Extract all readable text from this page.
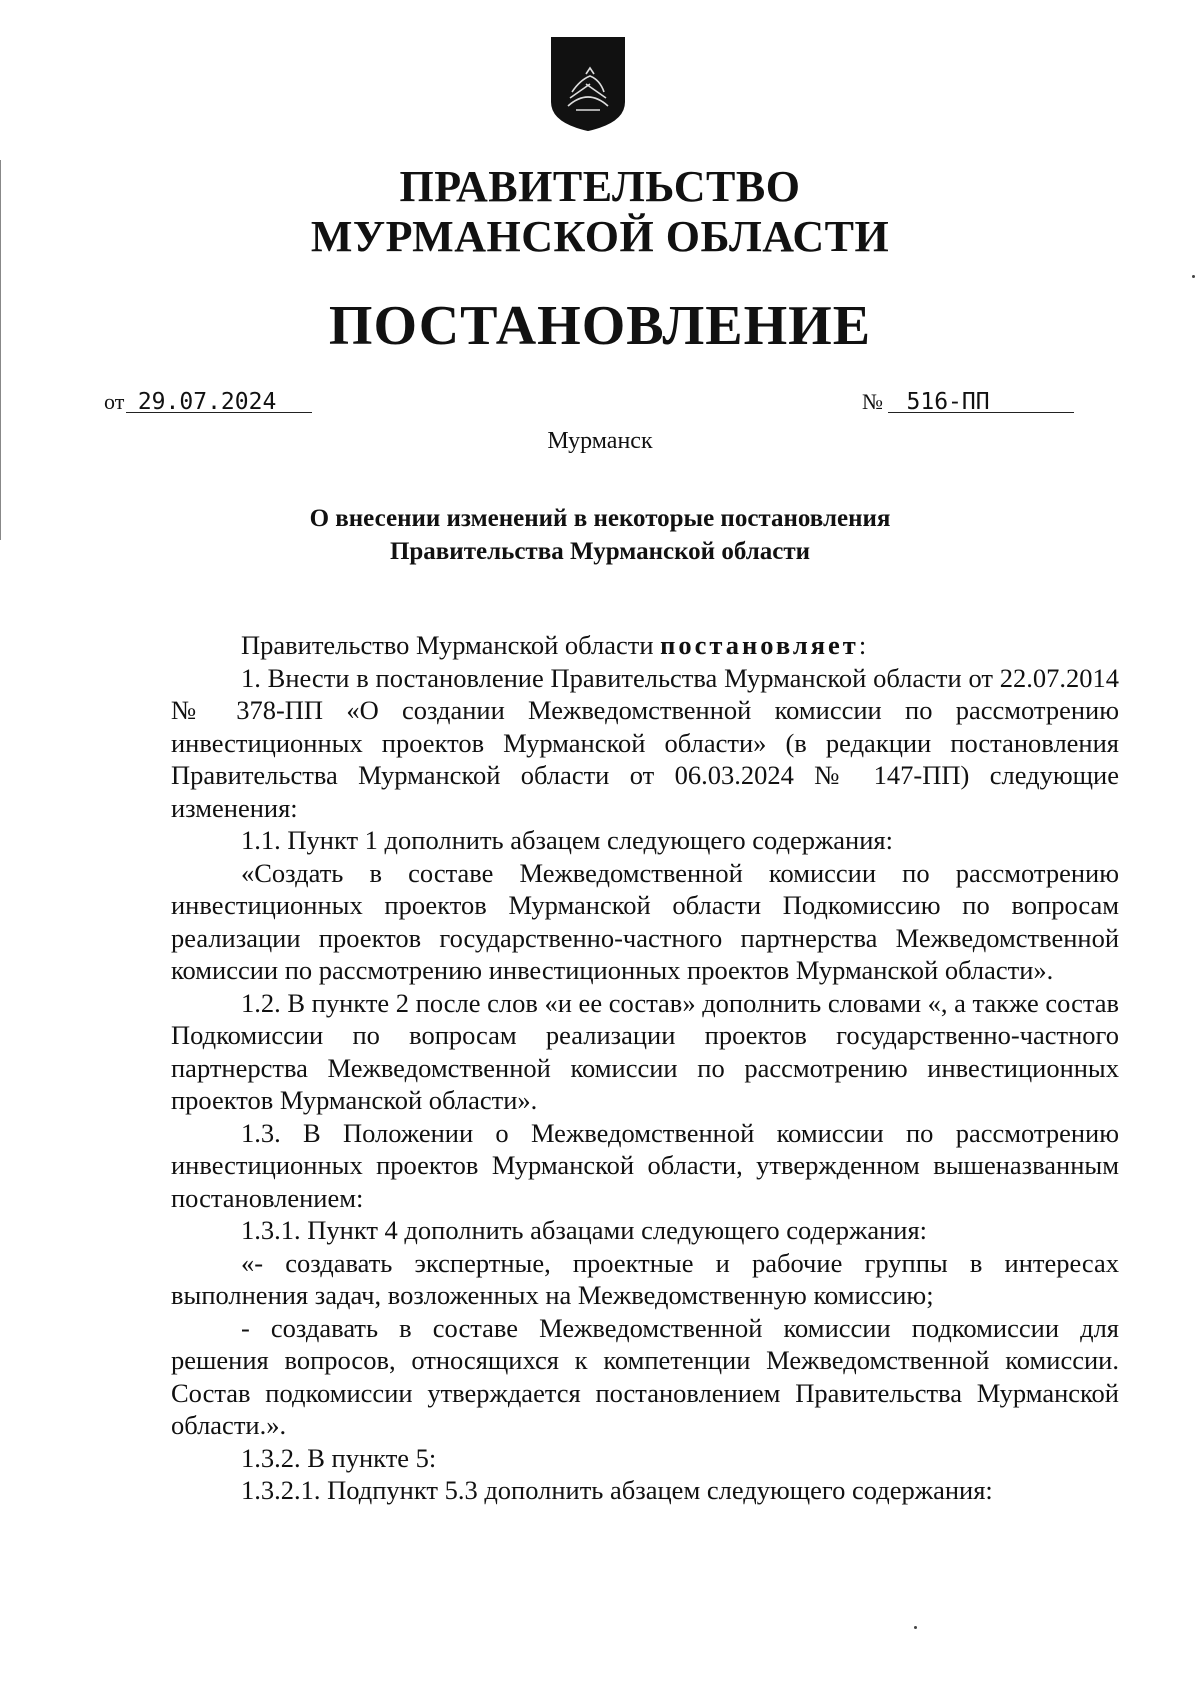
ПРАВИТЕЛЬСТВО
МУРМАНСКОЙ ОБЛАСТИ
ПОСТАНОВЛЕНИЕ
от 29.07.2024	№ 516-ПП
Мурманск
О внесении изменений в некоторые постановления
Правительства Мурманской области

Правительство Мурманской области постановляет:

1. Внести в постановление Правительства Мурманской области от 22.07.2014 № 378-ПП «О создании Межведомственной комиссии по рассмотрению инвестиционных проектов Мурманской области» (в редакции постановления Правительства Мурманской области от 06.03.2024 № 147-ПП) следующие изменения:

1.1. Пункт 1 дополнить абзацем следующего содержания:

«Создать в составе Межведомственной комиссии по рассмотрению инвестиционных проектов Мурманской области Подкомиссию по вопросам реализации проектов государственно-частного партнерства Межведомственной комиссии по рассмотрению инвестиционных проектов Мурманской области».

1.2. В пункте 2 после слов «и ее состав» дополнить словами «, а также состав Подкомиссии по вопросам реализации проектов государственно-частного партнерства Межведомственной комиссии по рассмотрению инвестиционных проектов Мурманской области».

1.3. В Положении о Межведомственной комиссии по рассмотрению инвестиционных проектов Мурманской области, утвержденном вышеназванным постановлением:

1.3.1. Пункт 4 дополнить абзацами следующего содержания:

«- создавать экспертные, проектные и рабочие группы в интересах выполнения задач, возложенных на Межведомственную комиссию;

- создавать в составе Межведомственной комиссии подкомиссии для решения вопросов, относящихся к компетенции Межведомственной комиссии. Состав подкомиссии утверждается постановлением Правительства Мурманской области.».

1.3.2. В пункте 5:

1.3.2.1. Подпункт 5.3 дополнить абзацем следующего содержания:
